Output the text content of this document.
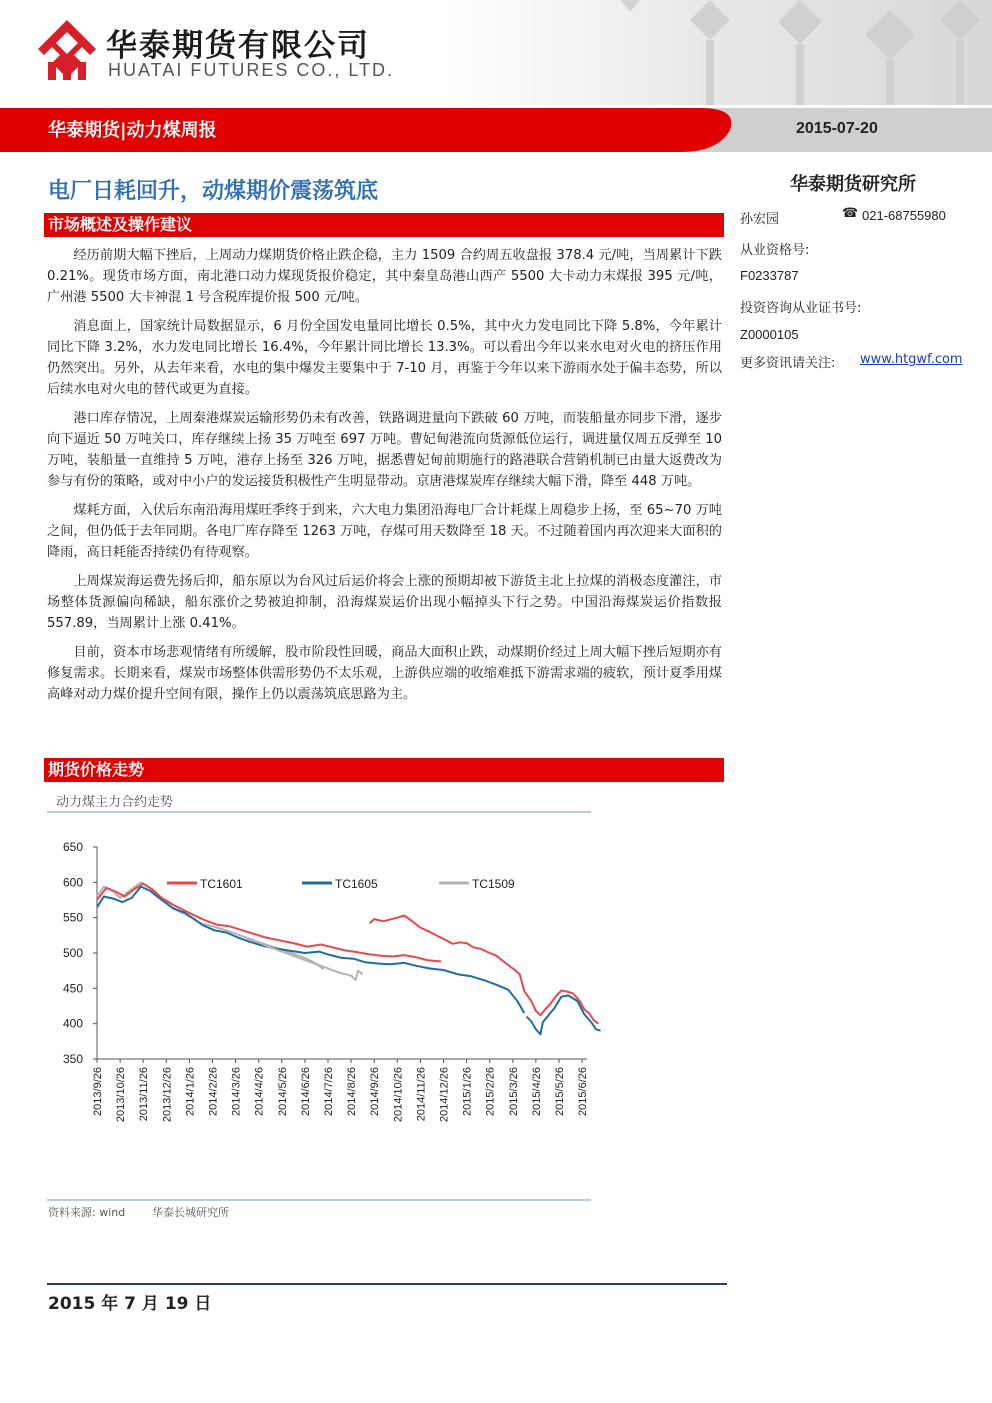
华泰期货有限公司
HUATAI FUTURES CO., LTD.
华泰期货|动力煤周报	2015-07-20
电厂日耗回升，动煤期价震荡筑底
市场概述及操作建议

经历前期大幅下挫后，上周动力煤期货价格止跌企稳，主力 1509 合约周五收盘报 378.4 元/吨，当周累计下跌 0.21%。现货市场方面，南北港口动力煤现货报价稳定，其中秦皇岛港山西产 5500 大卡动力末煤报 395 元/吨，广州港 5500 大卡神混 1 号含税库提价报 500 元/吨。

消息面上，国家统计局数据显示，6 月份全国发电量同比增长 0.5%，其中火力发电同比下降 5.8%，今年累计同比下降 3.2%，水力发电同比增长 16.4%，今年累计同比增长 13.3%。可以看出今年以来水电对火电的挤压作用仍然突出。另外，从去年来看，水电的集中爆发主要集中于 7-10 月，再鉴于今年以来下游雨水处于偏丰态势，所以后续水电对火电的替代或更为直接。

港口库存情况，上周秦港煤炭运输形势仍未有改善，铁路调进量向下跌破 60 万吨，而装船量亦同步下滑，逐步向下逼近 50 万吨关口，库存继续上扬 35 万吨至 697 万吨。曹妃甸港流向货源低位运行，调进量仅周五反弹至 10 万吨，装船量一直维持 5 万吨，港存上扬至 326 万吨，据悉曹妃甸前期施行的路港联合营销机制已由量大返费改为参与有份的策略，或对中小户的发运接货积极性产生明显带动。京唐港煤炭库存继续大幅下滑，降至 448 万吨。

煤耗方面，入伏后东南沿海用煤旺季终于到来，六大电力集团沿海电厂合计耗煤上周稳步上扬，至 65~70 万吨之间，但仍低于去年同期。各电厂库存降至 1263 万吨，存煤可用天数降至 18 天。不过随着国内再次迎来大面积的降雨，高日耗能否持续仍有待观察。

上周煤炭海运费先扬后抑，船东原以为台风过后运价将会上涨的预期却被下游货主北上拉煤的消极态度灌注，市场整体货源偏向稀缺，船东涨价之势被迫抑制，沿海煤炭运价出现小幅掉头下行之势。中国沿海煤炭运价指数报 557.89，当周累计上涨 0.41%。

目前，资本市场悲观情绪有所缓解，股市阶段性回暖，商品大面积止跌，动煤期价经过上周大幅下挫后短期亦有修复需求。长期来看，煤炭市场整体供需形势仍不太乐观，上游供应端的收缩难抵下游需求端的疲软，预计夏季用煤高峰对动力煤价提升空间有限，操作上仍以震荡筑底思路为主。

华泰期货研究所
孙宏园	☎ 021-68755980
从业资格号:
F0233787
投资咨询从业证书号:
Z0000105
更多资讯请关注: www.htgwf.com
期货价格走势
动力煤主力合约走势
350
400
450
500
550
600
650
2013/9/26 2013/10/26 2013/11/26 2013/12/26 2014/1/26 2014/2/26 2014/3/26 2014/4/26 2014/5/26 2014/6/26 2014/7/26 2014/8/26 2014/9/26 2014/10/26 2014/11/26 2014/12/26 2015/1/26 2015/2/26 2015/3/26 2015/4/26 2015/5/26 2015/6/26
TC1601	TC1605	TC1509
资料来源: wind 华泰长城研究所
2015 年 7 月 19 日
